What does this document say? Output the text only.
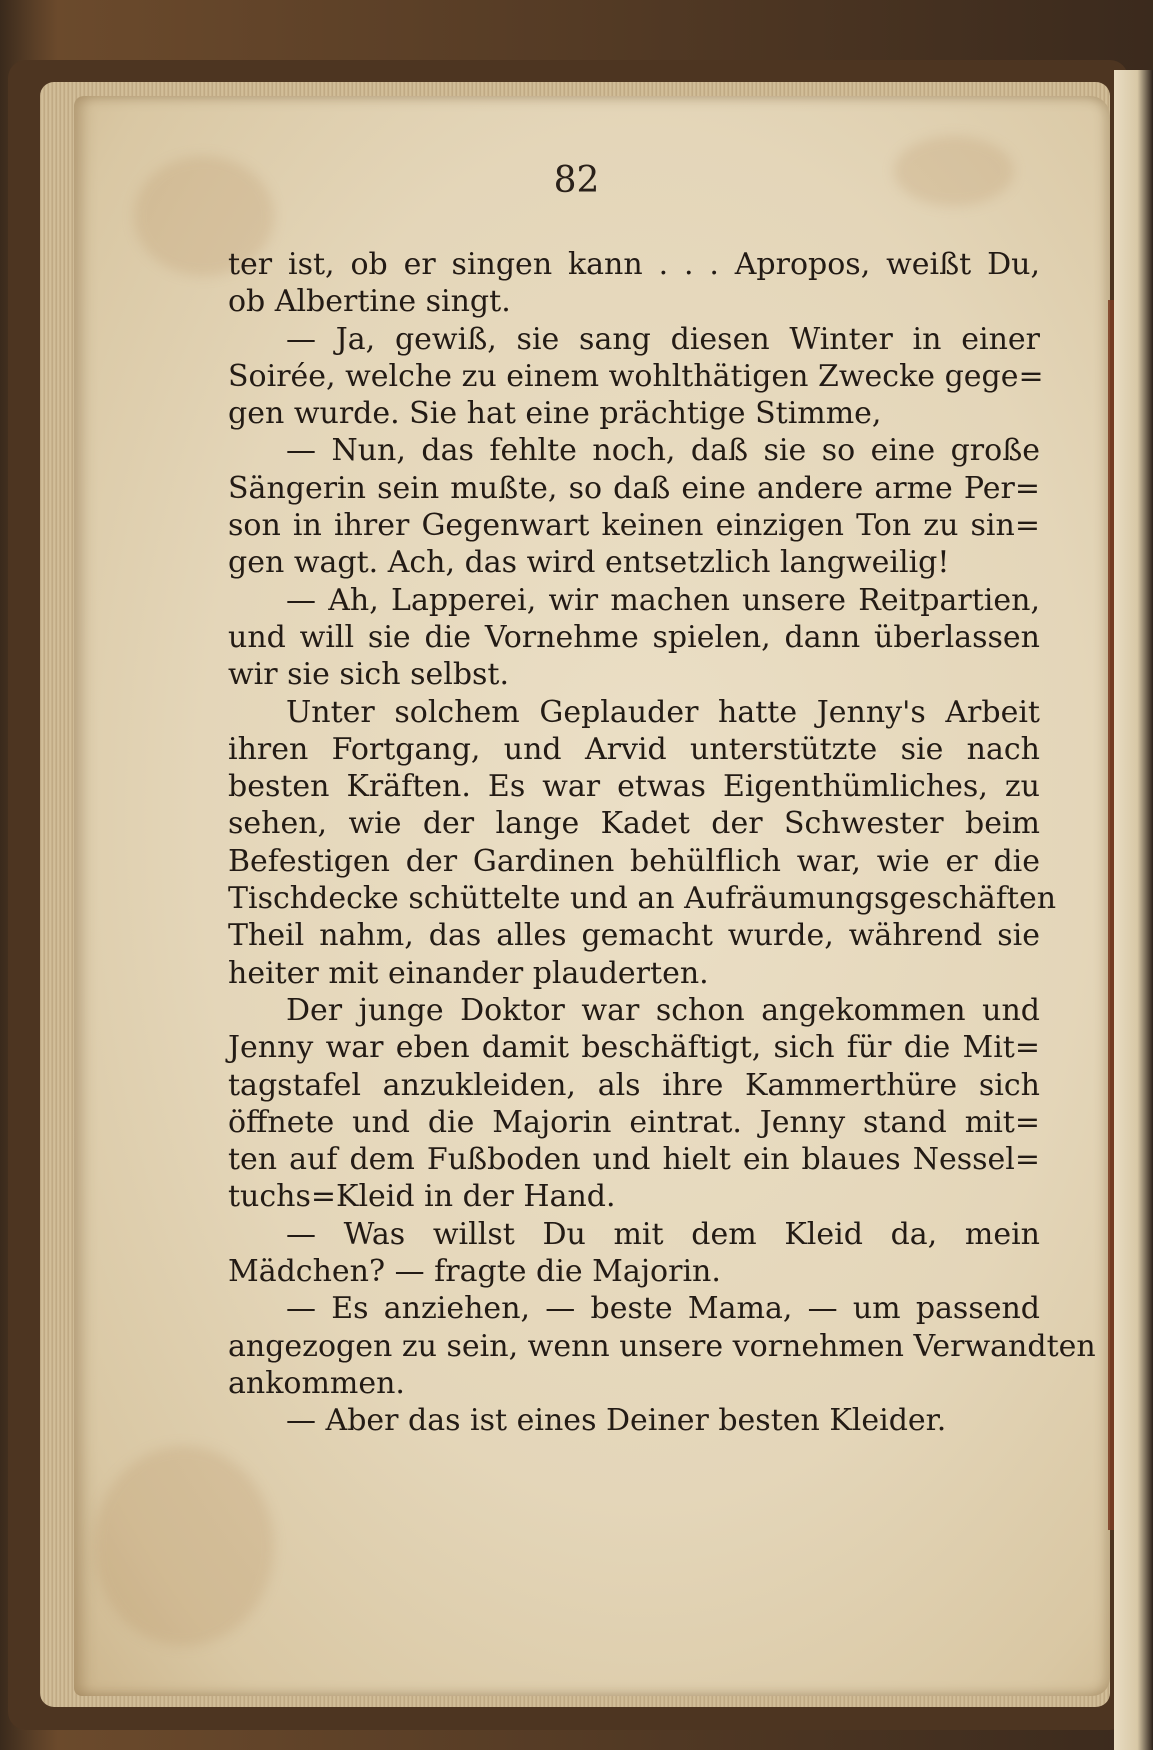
82
ter ist, ob er singen kann . . . Apropos, weißt Du,
ob Albertine singt.
— Ja, gewiß, sie sang diesen Winter in einer
Soirée, welche zu einem wohlthätigen Zwecke gege=
gen wurde. Sie hat eine prächtige Stimme,
— Nun, das fehlte noch, daß sie so eine große
Sängerin sein mußte, so daß eine andere arme Per=
son in ihrer Gegenwart keinen einzigen Ton zu sin=
gen wagt. Ach, das wird entsetzlich langweilig!
— Ah, Lapperei, wir machen unsere Reitpartien,
und will sie die Vornehme spielen, dann überlassen
wir sie sich selbst.
Unter solchem Geplauder hatte Jenny's Arbeit
ihren Fortgang, und Arvid unterstützte sie nach
besten Kräften. Es war etwas Eigenthümliches, zu
sehen, wie der lange Kadet der Schwester beim
Befestigen der Gardinen behülflich war, wie er die
Tischdecke schüttelte und an Aufräumungsgeschäften
Theil nahm, das alles gemacht wurde, während sie
heiter mit einander plauderten.
Der junge Doktor war schon angekommen und
Jenny war eben damit beschäftigt, sich für die Mit=
tagstafel anzukleiden, als ihre Kammerthüre sich
öffnete und die Majorin eintrat. Jenny stand mit=
ten auf dem Fußboden und hielt ein blaues Nessel=
tuchs=Kleid in der Hand.
— Was willst Du mit dem Kleid da, mein
Mädchen? — fragte die Majorin.
— Es anziehen, — beste Mama, — um passend
angezogen zu sein, wenn unsere vornehmen Verwandten
ankommen.
— Aber das ist eines Deiner besten Kleider.
